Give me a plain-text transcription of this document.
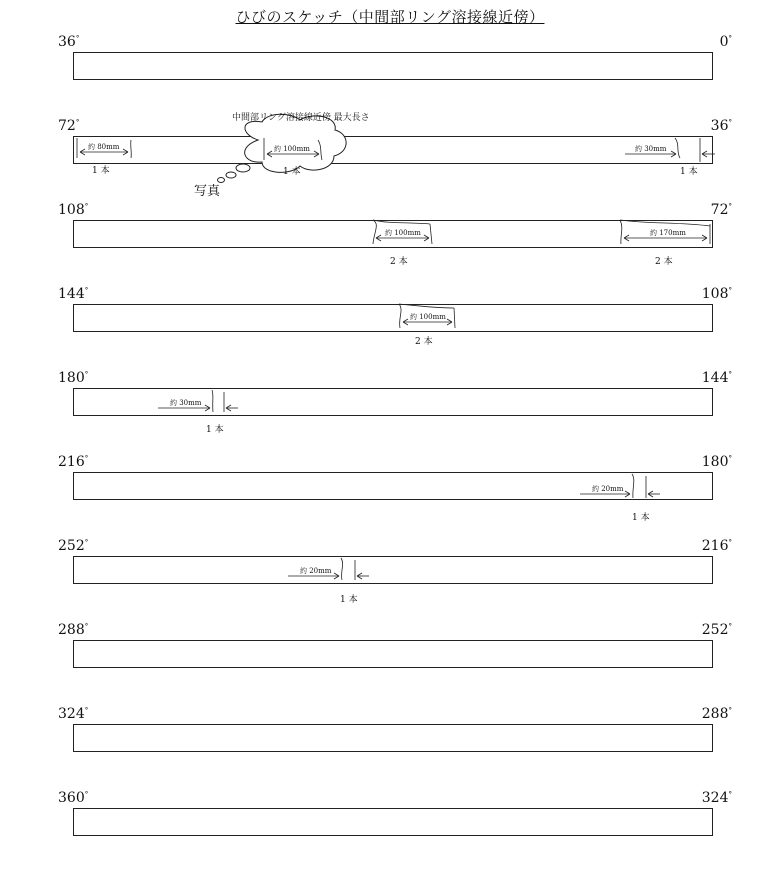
ひびのスケッチ（中間部リング溶接線近傍）
36°	0°
72°	36°
約 80mm
1 本
約 100mm
1 本
約 30mm
1 本
中間部リング溶接線近傍 最大長さ
写真
108°	72°
約 100mm
2 本
約 170mm
2 本
144°	108°
約 100mm
2 本
180°	144°
約 30mm
1 本
216°	180°
約 20mm
1 本
252°	216°
約 20mm
1 本
288°	252°
324°	288°
360°	324°
